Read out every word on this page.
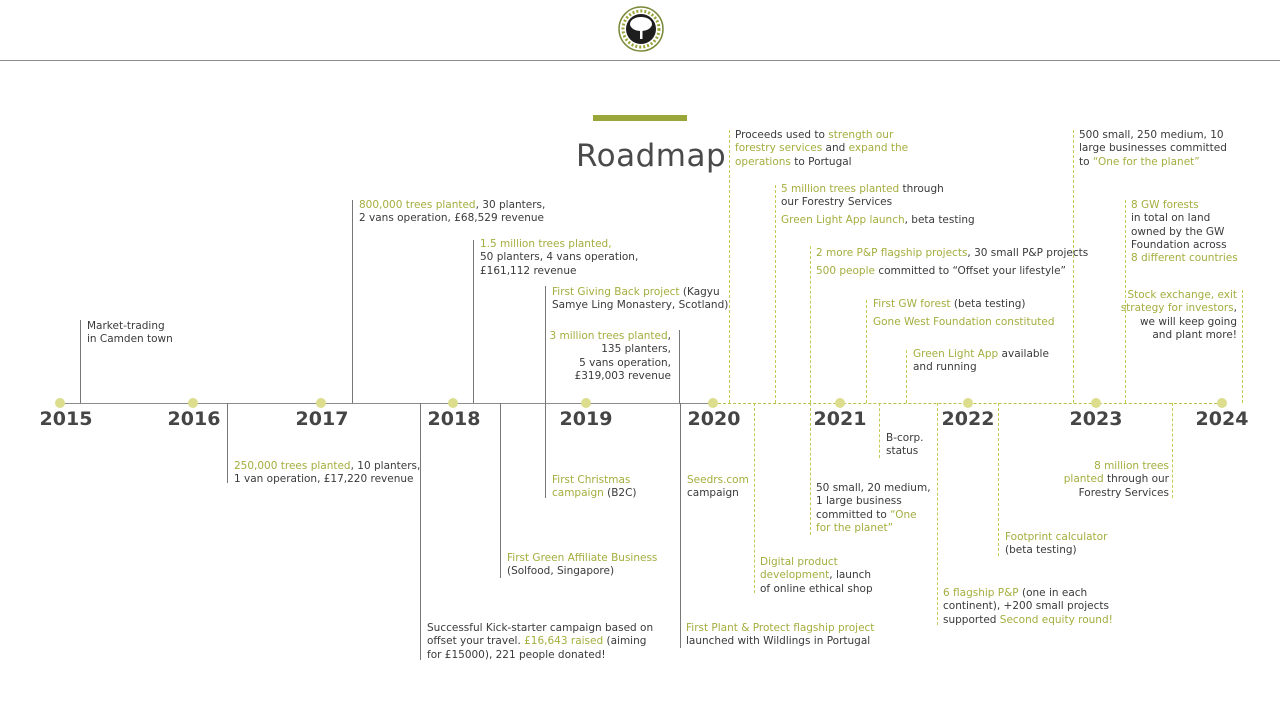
Roadmap
2015	2016	2017	2018	2019	2020	2021	2022	2023	2024
Market-trading
in Camden town
250,000 trees planted, 10 planters,
1 van operation, £17,220 revenue
800,000 trees planted, 30 planters,
2 vans operation, £68,529 revenue
Successful Kick-starter campaign based on
offset your travel. £16,643 raised (aiming
for £15000), 221 people donated!
1.5 million trees planted,
50 planters, 4 vans operation,
£161,112 revenue
First Green Affiliate Business
(Solfood, Singapore)
First Giving Back project (Kagyu
Samye Ling Monastery, Scotland)
3 million trees planted,
135 planters,
5 vans operation,
£319,003 revenue
First Christmas
campaign (B2C)
Seedrs.com
campaign
First Plant & Protect flagship project
launched with Wildlings in Portugal
Proceeds used to strength our
forestry services and expand the
operations to Portugal
5 million trees planted through
our Forestry Services
Green Light App launch, beta testing
Digital product
development, launch
of online ethical shop
2 more P&P flagship projects, 30 small P&P projects
500 people committed to “Offset your lifestyle”
First GW forest (beta testing)
Gone West Foundation constituted
Green Light App available
and running
B-corp.
status
50 small, 20 medium,
1 large business
committed to “One
for the planet”
Footprint calculator
(beta testing)
6 flagship P&P (one in each
continent), +200 small projects
supported Second equity round!
500 small, 250 medium, 10
large businesses committed
to “One for the planet”
8 GW forests
in total on land
owned by the GW
Foundation across
8 different countries
Stock exchange, exit
strategy for investors,
we will keep going
and plant more!
8 million trees
planted through our
Forestry Services
